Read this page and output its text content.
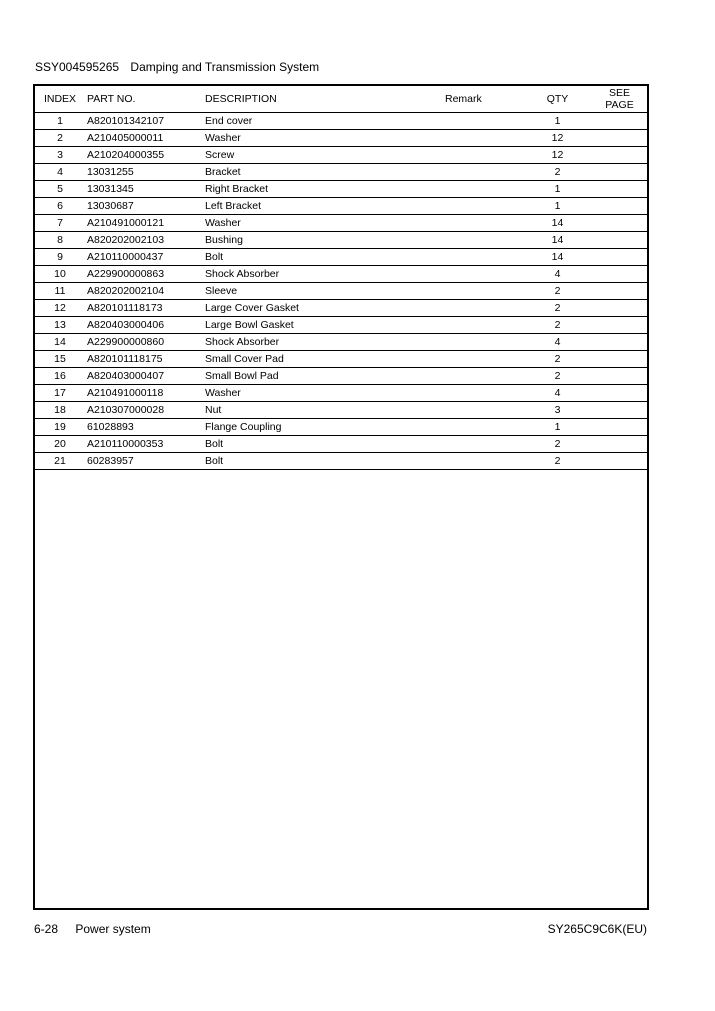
SSY004595265 Damping and Transmission System
INDEX	PART NO.	DESCRIPTION	Remark	QTY	SEE
PAGE

1	A820101342107	End cover		1	
2	A210405000011	Washer		12	
3	A210204000355	Screw		12	
4	13031255	Bracket		2	
5	13031345	Right Bracket		1	
6	13030687	Left Bracket		1	
7	A210491000121	Washer		14	
8	A820202002103	Bushing		14	
9	A210110000437	Bolt		14	
10	A229900000863	Shock Absorber		4	
11	A820202002104	Sleeve		2	
12	A820101118173	Large Cover Gasket		2	
13	A820403000406	Large Bowl Gasket		2	
14	A229900000860	Shock Absorber		4	
15	A820101118175	Small Cover Pad		2	
16	A820403000407	Small Bowl Pad		2	
17	A210491000118	Washer		4	
18	A210307000028	Nut		3	
19	61028893	Flange Coupling		1	
20	A210110000353	Bolt		2	
21	60283957	Bolt		2	
6-28 Power system	SY265C9C6K(EU)
